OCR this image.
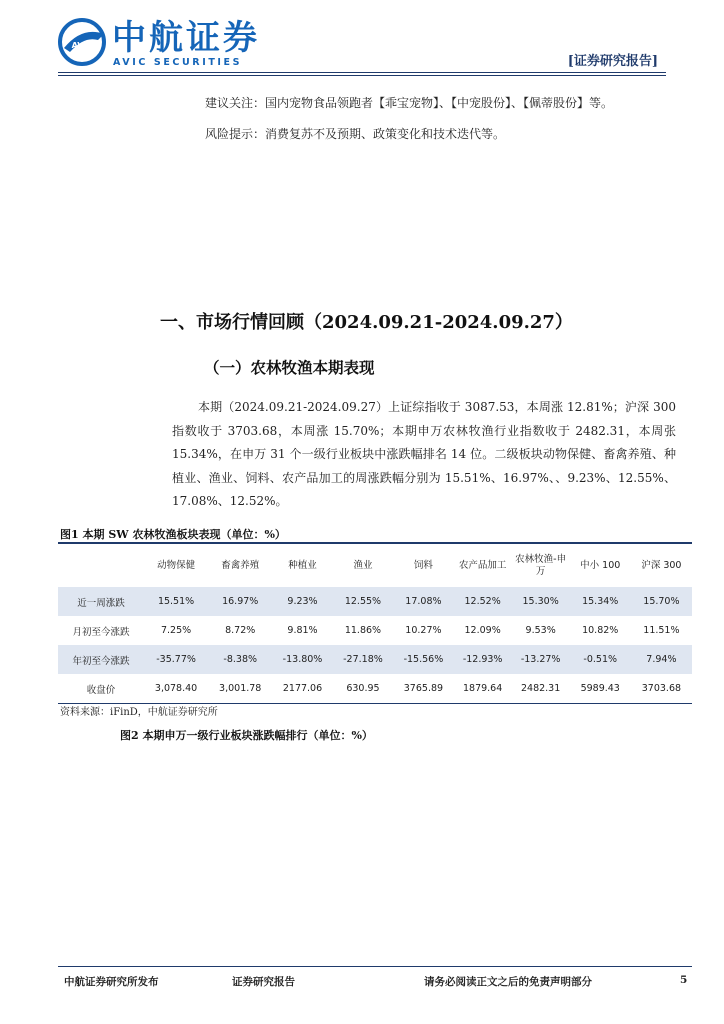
AVIC 中航证券
AVIC SECURITIES	[证券研究报告]
建议关注：国内宠物食品领跑者【乖宝宠物】、【中宠股份】、【佩蒂股份】等。
风险提示：消费复苏不及预期、政策变化和技术迭代等。
一、市场行情回顾（2024.09.21-2024.09.27）
（一）农林牧渔本期表现
本期（2024.09.21-2024.09.27）上证综指收于 3087.53，本周涨 12.81%；沪深 300 指数收于 3703.68，本周涨 15.70%；本期申万农林牧渔行业指数收于 2482.31，本周张 15.34%，在申万 31 个一级行业板块中涨跌幅排名 14 位。二级板块动物保健、畜禽养殖、种植业、渔业、饲料、农产品加工的周涨跌幅分别为 15.51%、16.97%、、9.23%、12.55%、17.08%、12.52%。
图1 本期 SW 农林牧渔板块表现（单位：%）
	动物保健	畜禽养殖	种植业	渔业	饲料	农产品加工	农林牧渔-申万	中小 100	沪深 300
近一周涨跌	15.51%	16.97%	9.23%	12.55%	17.08%	12.52%	15.30%	15.34%	15.70%
月初至今涨跌	7.25%	8.72%	9.81%	11.86%	10.27%	12.09%	9.53%	10.82%	11.51%
年初至今涨跌	-35.77%	-8.38%	-13.80%	-27.18%	-15.56%	-12.93%	-13.27%	-0.51%	7.94%
收盘价	3,078.40	3,001.78	2177.06	630.95	3765.89	1879.64	2482.31	5989.43	3703.68
资料来源：iFinD，中航证券研究所
图2 本期申万一级行业板块涨跌幅排行（单位：%）
中航证券研究所发布	证券研究报告	请务必阅读正文之后的免责声明部分	5
